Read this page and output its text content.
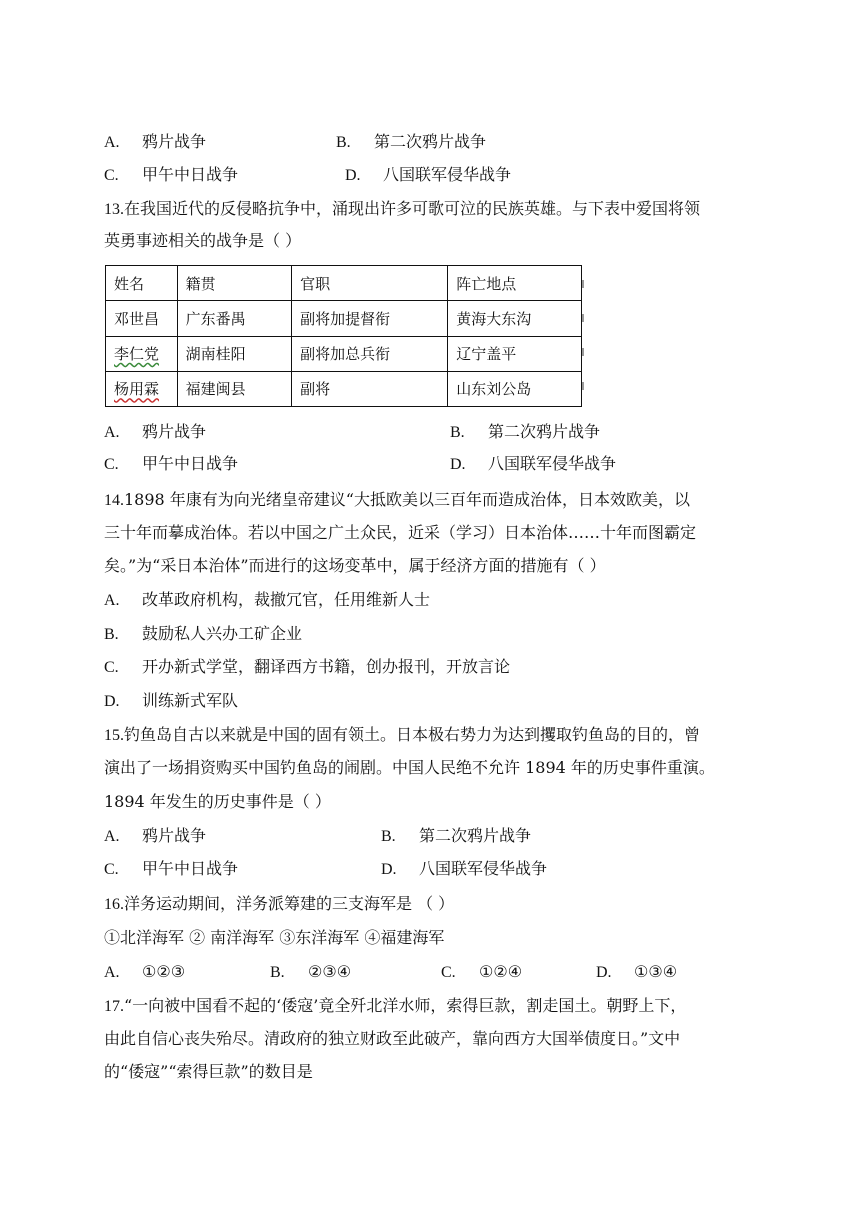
A. 鸦片战争	B. 第二次鸦片战争
C. 甲午中日战争	D. 八国联军侵华战争
13.在我国近代的反侵略抗争中，涌现出许多可歌可泣的民族英雄。与下表中爱国将领
英勇事迹相关的战争是（ ）
姓名	籍贯	官职	阵亡地点
邓世昌	广东番禺	副将加提督衔	黄海大东沟
李仁党	湖南桂阳	副将加总兵衔	辽宁盖平
杨用霖	福建闽县	副将	山东刘公岛
A. 鸦片战争	B. 第二次鸦片战争
C. 甲午中日战争	D. 八国联军侵华战争
14.1898 年康有为向光绪皇帝建议“大抵欧美以三百年而造成治体，日本效欧美，以
三十年而摹成治体。若以中国之广土众民，近采（学习）日本治体……十年而图霸定
矣。”为“采日本治体”而进行的这场变革中，属于经济方面的措施有（ ）
A. 改革政府机构，裁撤冗官，任用维新人士
B. 鼓励私人兴办工矿企业
C. 开办新式学堂，翻译西方书籍，创办报刊，开放言论
D. 训练新式军队
15.钓鱼岛自古以来就是中国的固有领土。日本极右势力为达到攫取钓鱼岛的目的，曾
演出了一场捐资购买中国钓鱼岛的闹剧。中国人民绝不允许 1894 年的历史事件重演。
1894 年发生的历史事件是（ ）
A. 鸦片战争	B. 第二次鸦片战争
C. 甲午中日战争	D. 八国联军侵华战争
16.洋务运动期间，洋务派筹建的三支海军是 （ ）
①北洋海军 ② 南洋海军 ③东洋海军 ④福建海军
A. ①②③	B. ②③④	C. ①②④	D. ①③④
17.“一向被中国看不起的‘倭寇’竟全歼北洋水师，索得巨款，割走国土。朝野上下，
由此自信心丧失殆尽。清政府的独立财政至此破产，靠向西方大国举债度日。”文中
的“倭寇”“索得巨款”的数目是
